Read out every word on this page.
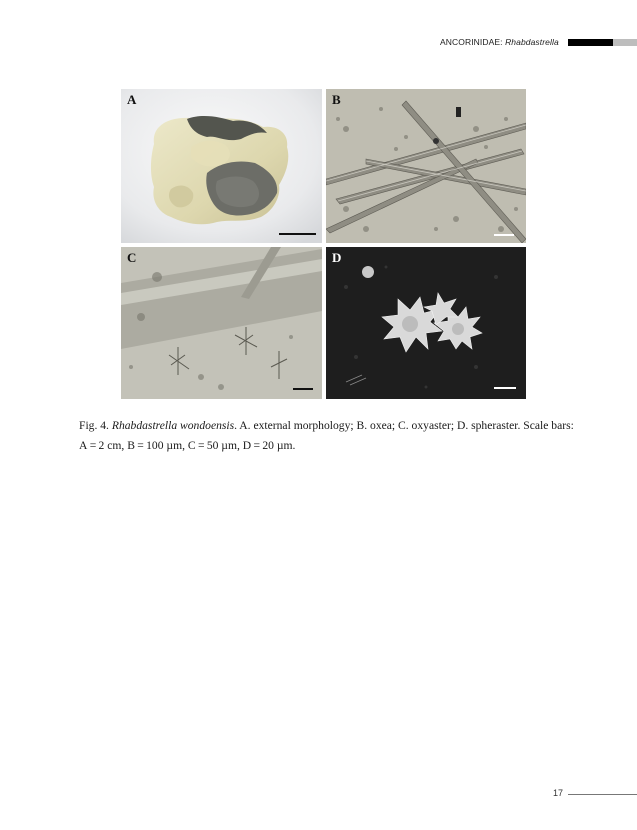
ANCORINIDAE: Rhabdastrella
A	B
C	D
Fig. 4. Rhabdastrella wondoensis. A. external morphology; B. oxea; C. oxyaster; D. spheraster. Scale bars:
A = 2 cm, B = 100 µm, C = 50 µm, D = 20 µm.
17
